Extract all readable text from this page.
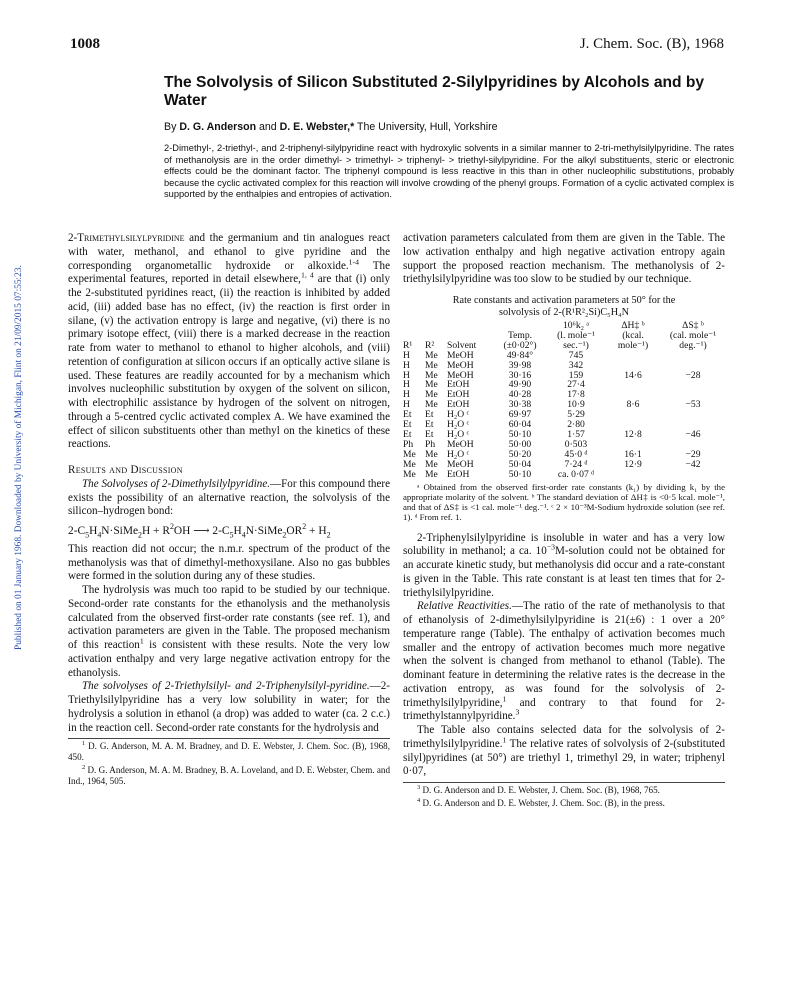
Published on 01 January 1968. Downloaded by University of Michigan, Flint on 21/09/2015 07:55:23.
1008	J. Chem. Soc. (B), 1968
The Solvolysis of Silicon Substituted 2-Silylpyridines by Alcohols and by Water
By D. G. Anderson and D. E. Webster,* The University, Hull, Yorkshire
2-Dimethyl-, 2-triethyl-, and 2-triphenyl-silylpyridine react with hydroxylic solvents in a similar manner to 2-tri-methylsilylpyridine. The rates of methanolysis are in the order dimethyl- > trimethyl- > triphenyl- > triethyl-silylpyridine. For the alkyl substituents, steric or electronic effects could be the dominant factor. The triphenyl compound is less reactive in this than in other nucleophilic substitutions, probably because the cyclic activated complex for this reaction will involve crowding of the phenyl groups. Formation of a cyclic activated complex is supported by the enthalpies and entropies of activation.

2-Trimethylsilylpyridine and the germanium and tin analogues react with water, methanol, and ethanol to give pyridine and the corresponding organometallic hydroxide or alkoxide.$^{1-4}$ The experimental features, reported in detail elsewhere,$^{1, 4}$ are that (i) only the 2-substituted pyridines react, (ii) the reaction is inhibited by added acid, (iii) added base has no effect, (iv) the reaction is first order in silane, (v) the activation entropy is large and negative, (vi) there is no primary isotope effect, (viii) there is a marked decrease in the reaction rate from water to methanol to ethanol to higher alcohols, and (viii) retention of configuration at silicon occurs if an optically active silane is used. These features are readily accounted for by a mechanism which involves nucleophilic substitution by oxygen of the solvent on silicon, with electrophilic assistance by hydrogen of the solvent on nitrogen, through a 5-centred cyclic activated complex A. We have examined the effect of silicon substituents other than methyl on the kinetics of these reactions.

Results and Discussion

The Solvolyses of 2-Dimethylsilylpyridine.—For this compound there exists the possibility of an alternative reaction, the solvolysis of the silicon–hydrogen bond:

$2-C_5H_4N\cdot SiMe_2H + R^2OH$ ⟶ $2-C_5H_4N\cdot SiMe_2OR^2 + H_2$

This reaction did not occur; the n.m.r. spectrum of the product of the methanolysis was that of dimethyl-methoxysilane. Also no gas bubbles were formed in the solution during any of these studies.

The hydrolysis was much too rapid to be studied by our technique. Second-order rate constants for the ethanolysis and the methanolysis calculated from the observed first-order rate constants (see ref. 1), and activation parameters are given in the Table. The proposed mechanism of this reaction$^1$ is consistent with these results. Note the very low activation enthalpy and very large negative activation entropy for the ethanolysis.

The solvolyses of 2-Triethylsilyl- and 2-Triphenylsilyl-pyridine.—2-Triethylsilylpyridine has a very low solubility in water; for the hydrolysis a solution in ethanol (a drop) was added to water (ca. 2 c.c.) in the reaction cell. Second-order rate constants for the hydrolysis and

$^1$ D. G. Anderson, M. A. M. Bradney, and D. E. Webster, J. Chem. Soc. (B), 1968, 450.

$^2$ D. G. Anderson, M. A. M. Bradney, B. A. Loveland, and D. E. Webster, Chem. and Ind., 1964, 505.

activation parameters calculated from them are given in the Table. The low activation enthalpy and high negative activation entropy again support the proposed reaction mechanism. The methanolysis of 2-triethylsilylpyridine was too slow to be studied by our technique.

Rate constants and activation parameters at 50° for the
solvolysis of 2-(R¹R²₂Si)C₅H₄N

				10⁶k₂ ᵃ	ΔH‡ ᵇ	ΔS‡ ᵇ
			Temp.	(l. mole⁻¹	(kcal.	(cal. mole⁻¹
R¹	R²	Solvent	(±0·02°)	sec.⁻¹)	mole⁻¹)	deg.⁻¹)
H	Me	MeOH	49·84°	745		
H	Me	MeOH	39·98	342		
H	Me	MeOH	30·16	159	14·6	−28
H	Me	EtOH	49·90	27·4		
H	Me	EtOH	40·28	17·8		
H	Me	EtOH	30·38	10·9	8·6	−53
Et	Et	H₂O ᶜ	69·97	5·29		
Et	Et	H₂O ᶜ	60·04	2·80		
Et	Et	H₂O ᶜ	50·10	1·57	12·8	−46
Ph	Ph	MeOH	50·00	0·503		
Me	Me	H₂O ᶜ	50·20	45·0 ᵈ	16·1	−29
Me	Me	MeOH	50·04	7·24 ᵈ	12·9	−42
Me	Me	EtOH	50·10	ca. 0·07 ᵈ		

ᵃ Obtained from the observed first-order rate constants (k₁) by dividing k₁ by the appropriate molarity of the solvent. ᵇ The standard deviation of ΔH‡ is <0·5 kcal. mole⁻¹, and that of ΔS‡ is <1 cal. mole⁻¹ deg.⁻¹. ᶜ 2 × 10⁻³M-Sodium hydroxide solution (see ref. 1). ᵈ From ref. 1.

2-Triphenylsilylpyridine is insoluble in water and has a very low solubility in methanol; a ca. $10^{-3}M$-solution could not be obtained for an accurate kinetic study, but methanolysis did occur and a rate-constant is given in the Table. This rate constant is at least ten times that for 2-triethylsilylpyridine.

Relative Reactivities.—The ratio of the rate of methanolysis to that of ethanolysis of 2-dimethylsilylpyridine is 21(±6) : 1 over a 20° temperature range (Table). The enthalpy of activation becomes much smaller and the entropy of activation becomes much more negative when the solvent is changed from methanol to ethanol (Table). The dominant feature in determining the relative rates is the decrease in the activation entropy, as was found for the solvolysis of 2-trimethylsilylpyridine,$^1$ and contrary to that found for 2-trimethylstannylpyridine.$^3$

The Table also contains selected data for the solvolysis of 2-trimethylsilylpyridine.$^1$ The relative rates of solvolysis of 2-(substituted silyl)pyridines (at 50°) are triethyl 1, trimethyl 29, in water; triphenyl 0·07,

$^3$ D. G. Anderson and D. E. Webster, J. Chem. Soc. (B), 1968, 765.

$^4$ D. G. Anderson and D. E. Webster, J. Chem. Soc. (B), in the press.
